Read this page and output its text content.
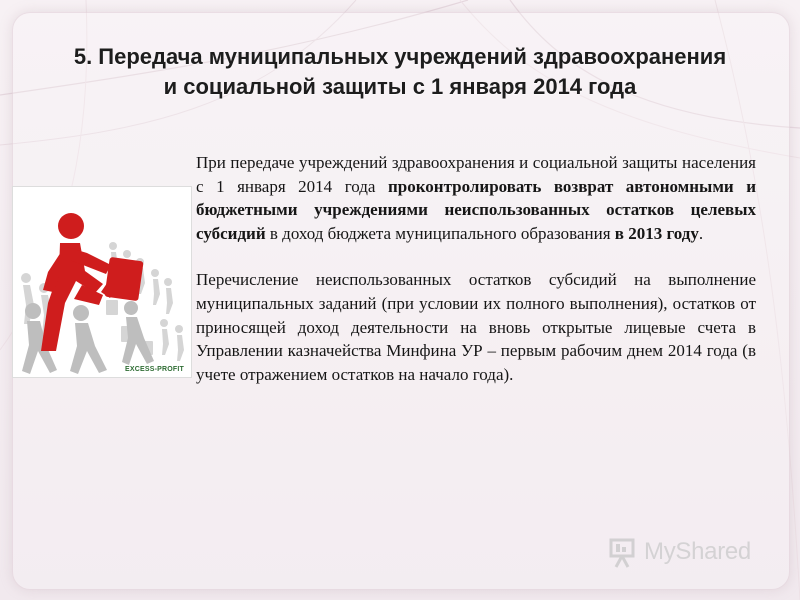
5. Передача муниципальных учреждений здравоохранения
и социальной защиты с 1 января 2014 года
EXCESS-PROFIT

При передаче учреждений здравоохранения и социальной защиты населения с 1 января 2014 года проконтролировать возврат автономными и бюджетными учреждениями неиспользованных остатков целевых субсидий в доход бюджета муниципального образования в 2013 году.

Перечисление неиспользованных остатков субсидий на выполнение муниципальных заданий (при условии их полного выполнения), остатков от приносящей доход деятельности на вновь открытые лицевые счета в Управлении казначейства Минфина УР – первым рабочим днем 2014 года (в учете отражением остатков на начало года).

MyShared
